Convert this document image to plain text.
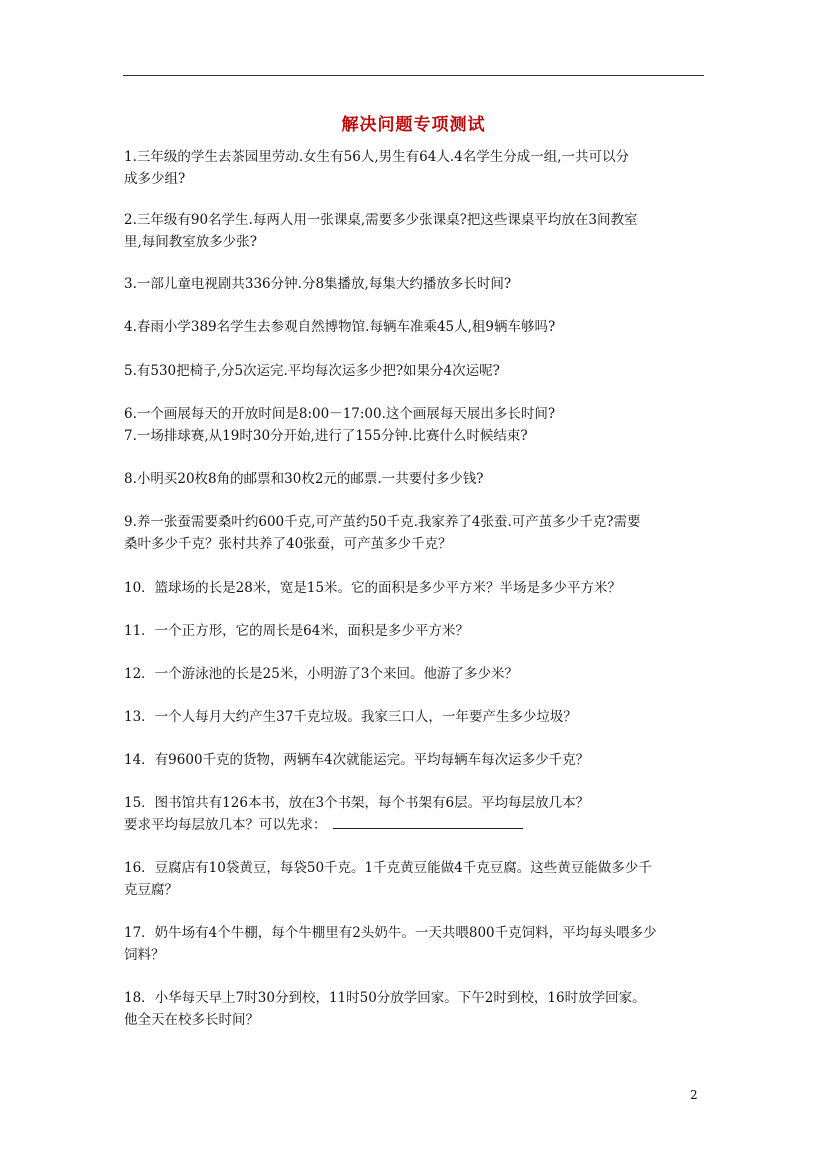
解决问题专项测试
1.三年级的学生去茶园里劳动.女生有56人,男生有64人.4名学生分成一组,一共可以分
成多少组?
2.三年级有90名学生.每两人用一张课桌,需要多少张课桌?把这些课桌平均放在3间教室
里,每间教室放多少张?
3.一部儿童电视剧共336分钟.分8集播放,每集大约播放多长时间?
4.春雨小学389名学生去参观自然博物馆.每辆车准乘45人,租9辆车够吗?
5.有530把椅子,分5次运完.平均每次运多少把?如果分4次运呢?
6.一个画展每天的开放时间是8:00－17:00.这个画展每天展出多长时间?
7.一场排球赛,从19时30分开始,进行了155分钟.比赛什么时候结束?
8.小明买20枚8角的邮票和30枚2元的邮票.一共要付多少钱?
9.养一张蚕需要桑叶约600千克,可产茧约50千克.我家养了4张蚕.可产茧多少千克?需要
桑叶多少千克？张村共养了40张蚕，可产茧多少千克？
10．篮球场的长是28米，宽是15米。它的面积是多少平方米？半场是多少平方米？
11．一个正方形，它的周长是64米，面积是多少平方米？
12．一个游泳池的长是25米，小明游了3个来回。他游了多少米？
13．一个人每月大约产生37千克垃圾。我家三口人，一年要产生多少垃圾？
14．有9600千克的货物，两辆车4次就能运完。平均每辆车每次运多少千克？
15．图书馆共有126本书，放在3个书架，每个书架有6层。平均每层放几本？
要求平均每层放几本？可以先求：
16．豆腐店有10袋黄豆，每袋50千克。1千克黄豆能做4千克豆腐。这些黄豆能做多少千
克豆腐？
17．奶牛场有4个牛棚，每个牛棚里有2头奶牛。一天共喂800千克饲料，平均每头喂多少
饲料？
18．小华每天早上7时30分到校，11时50分放学回家。下午2时到校，16时放学回家。
他全天在校多长时间？
2
